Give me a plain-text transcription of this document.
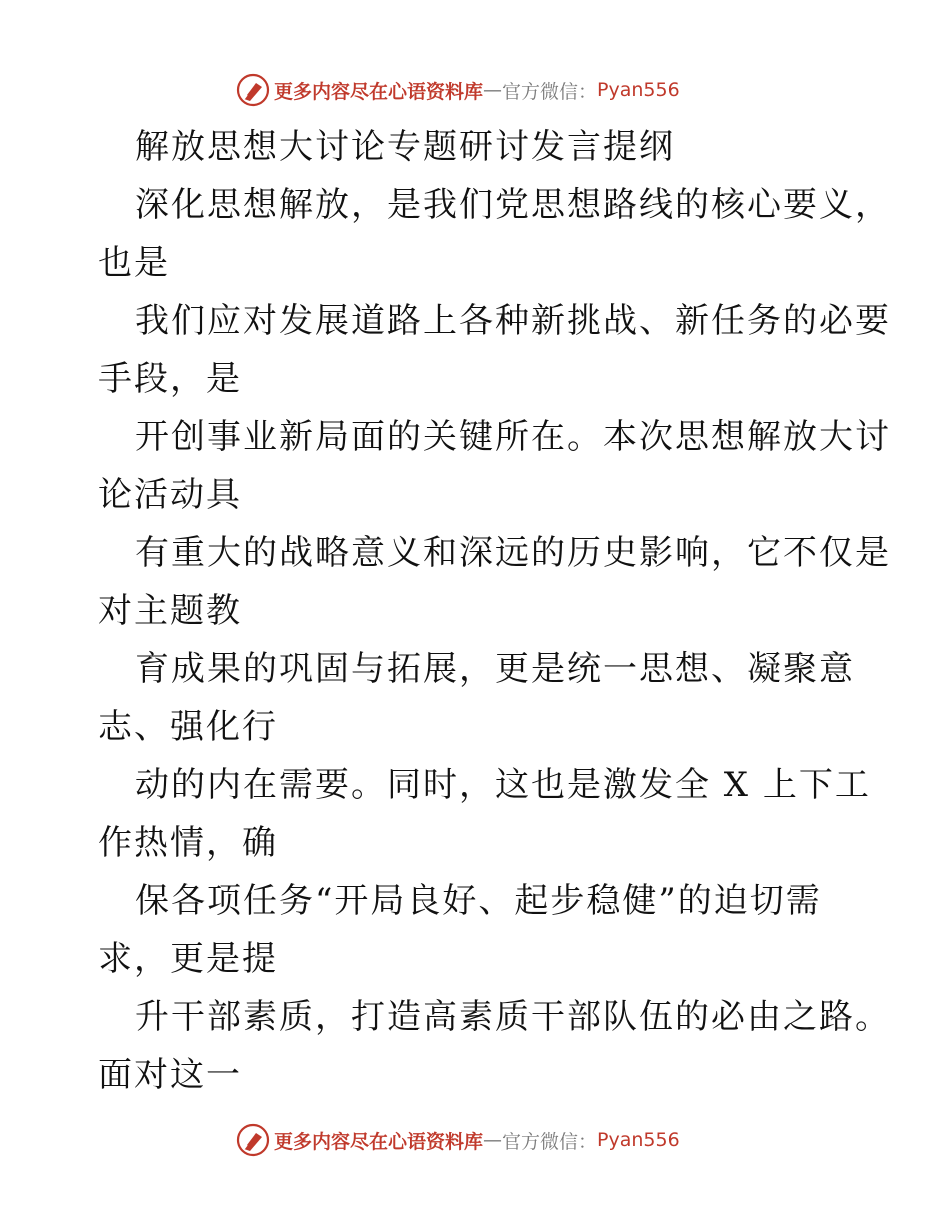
更多内容尽在心语资料库 — 官方微信： Pyan556
解放思想大讨论专题研讨发言提纲
深化思想解放，是我们党思想路线的核心要义，
也是
我们应对发展道路上各种新挑战、新任务的必要
手段，是
开创事业新局面的关键所在。本次思想解放大讨
论活动具
有重大的战略意义和深远的历史影响，它不仅是
对主题教
育成果的巩固与拓展，更是统一思想、凝聚意
志、强化行
动的内在需要。同时，这也是激发全 X 上下工
作热情，确
保各项任务“开局良好、起步稳健”的迫切需
求，更是提
升干部素质，打造高素质干部队伍的必由之路。
面对这一
更多内容尽在心语资料库 — 官方微信： Pyan556
